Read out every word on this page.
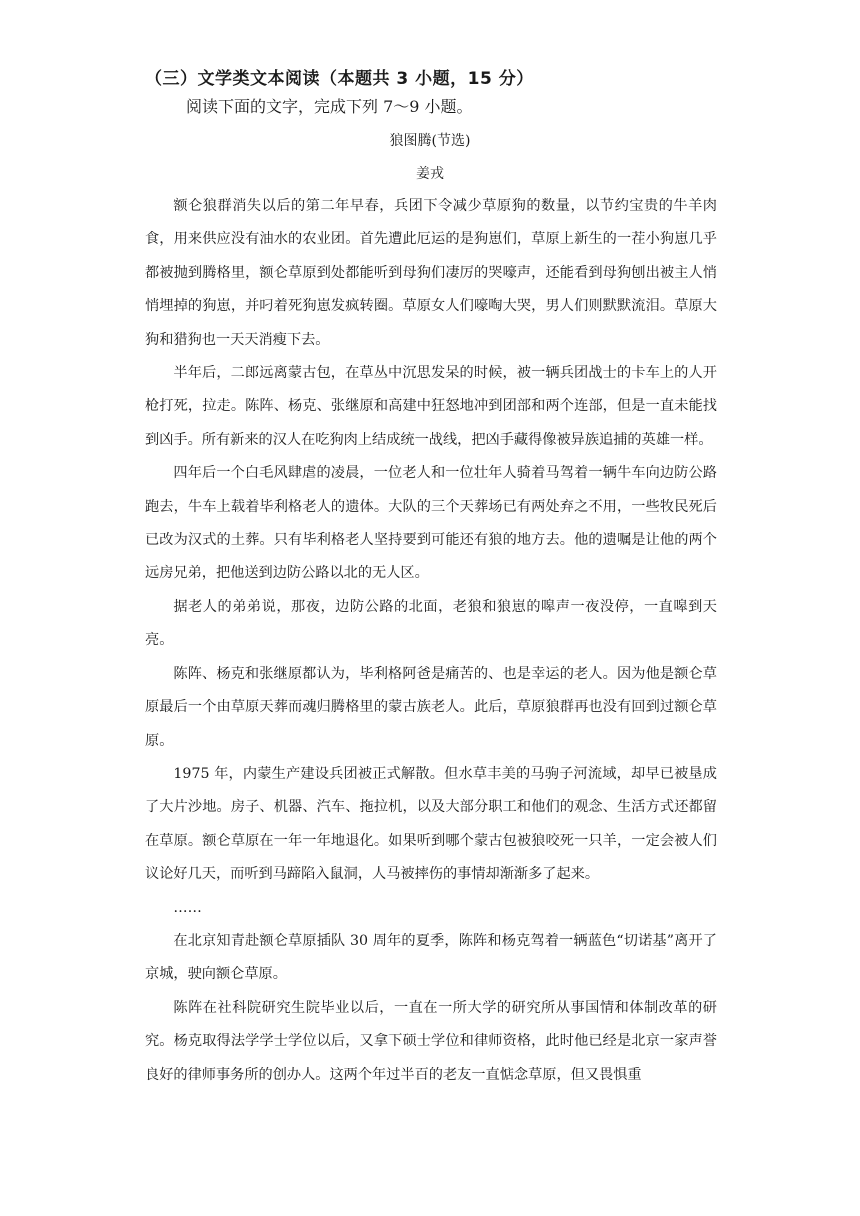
（三）文学类文本阅读（本题共 3 小题，15 分）
阅读下面的文字，完成下列 7～9 小题。
狼图腾(节选)
姜戎

额仑狼群消失以后的第二年早春，兵团下令减少草原狗的数量，以节约宝贵的牛羊肉食，用来供应没有油水的农业团。首先遭此厄运的是狗崽们，草原上新生的一茬小狗崽几乎都被抛到腾格里，额仑草原到处都能听到母狗们凄厉的哭嚎声，还能看到母狗刨出被主人悄悄埋掉的狗崽，并叼着死狗崽发疯转圈。草原女人们嚎啕大哭，男人们则默默流泪。草原大狗和猎狗也一天天消瘦下去。

半年后，二郎远离蒙古包，在草丛中沉思发呆的时候，被一辆兵团战士的卡车上的人开枪打死，拉走。陈阵、杨克、张继原和高建中狂怒地冲到团部和两个连部，但是一直未能找到凶手。所有新来的汉人在吃狗肉上结成统一战线，把凶手藏得像被异族追捕的英雄一样。

四年后一个白毛风肆虐的凌晨，一位老人和一位壮年人骑着马驾着一辆牛车向边防公路跑去，牛车上载着毕利格老人的遗体。大队的三个天葬场已有两处弃之不用，一些牧民死后已改为汉式的土葬。只有毕利格老人坚持要到可能还有狼的地方去。他的遗嘱是让他的两个远房兄弟，把他送到边防公路以北的无人区。

据老人的弟弟说，那夜，边防公路的北面，老狼和狼崽的嗥声一夜没停，一直嗥到天亮。

陈阵、杨克和张继原都认为，毕利格阿爸是痛苦的、也是幸运的老人。因为他是额仑草原最后一个由草原天葬而魂归腾格里的蒙古族老人。此后，草原狼群再也没有回到过额仑草原。

1975 年，内蒙生产建设兵团被正式解散。但水草丰美的马驹子河流域，却早已被垦成了大片沙地。房子、机器、汽车、拖拉机，以及大部分职工和他们的观念、生活方式还都留在草原。额仑草原在一年一年地退化。如果听到哪个蒙古包被狼咬死一只羊，一定会被人们议论好几天，而听到马蹄陷入鼠洞，人马被摔伤的事情却渐渐多了起来。

……

在北京知青赴额仑草原插队 30 周年的夏季，陈阵和杨克驾着一辆蓝色“切诺基”离开了京城，驶向额仑草原。

陈阵在社科院研究生院毕业以后，一直在一所大学的研究所从事国情和体制改革的研究。杨克取得法学学士学位以后，又拿下硕士学位和律师资格，此时他已经是北京一家声誉良好的律师事务所的创办人。这两个年过半百的老友一直惦念草原，但又畏惧重
